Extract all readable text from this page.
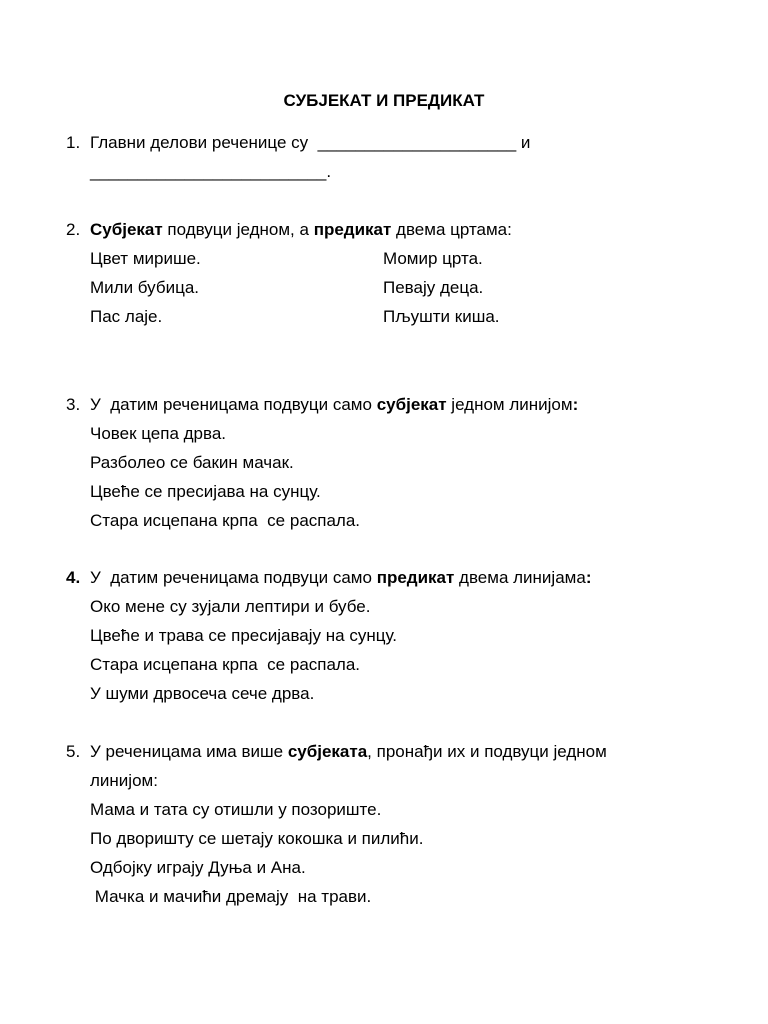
СУБЈЕКАТ И ПРЕДИКАТ
1. Главни делови реченице су  _____________________ и
_________________________.
2. Субјекат подвуци једном, а предикат двема цртама:
Цвет мирише.	Момир црта.
Мили бубица.	Певају деца.
Пас лаје.	Пљушти киша.
3. У  датим реченицама подвуци само субјекат једном линијом:
Човек цепа дрва.
Разболео се бакин мачак.
Цвеће се пресијава на сунцу.
Стара исцепана крпа  се распала.
4. У  датим реченицама подвуци само предикат двема линијама:
Око мене су зујали лептири и бубе.
Цвеће и трава се пресијавају на сунцу.
Стара исцепана крпа  се распала.
У шуми дрвосеча сече дрва.
5. У реченицама има више субјеката, пронађи их и подвуци једном
линијом:
Мама и тата су отишли у позориште.
По дворишту се шетају кокошка и пилићи.
Одбојку играју Дуња и Ана.
Мачка и мачићи дремају  на трави.
